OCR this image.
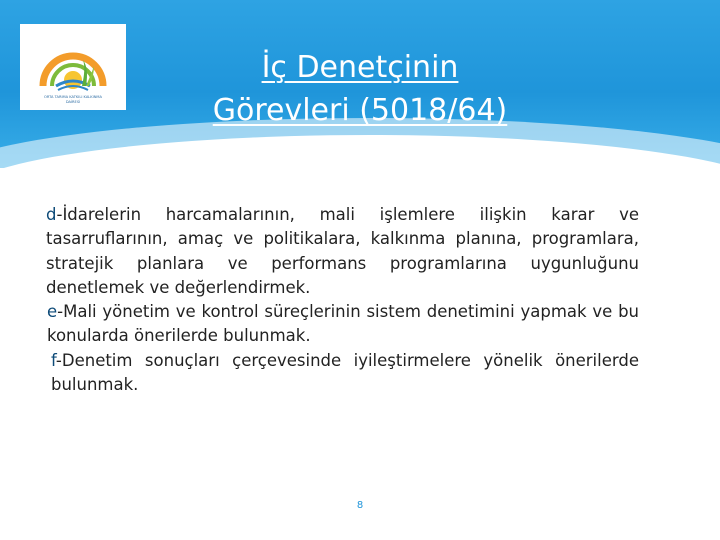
ORTA TARIMA KATKILI KALKINMA
DAİRESİ
İç Denetçinin
Görevleri (5018/64)
d-İdarelerin harcamalarının, mali işlemlere ilişkin karar ve tasarruflarının, amaç ve politikalara, kalkınma planına, programlara, stratejik planlara ve performans programlarına uygunluğunu denetlemek ve değerlendirmek.
e-Mali yönetim ve kontrol süreçlerinin sistem denetimini yapmak ve bu konularda önerilerde bulunmak.
f-Denetim sonuçları çerçevesinde iyileştirmelere yönelik önerilerde bulunmak.
8
